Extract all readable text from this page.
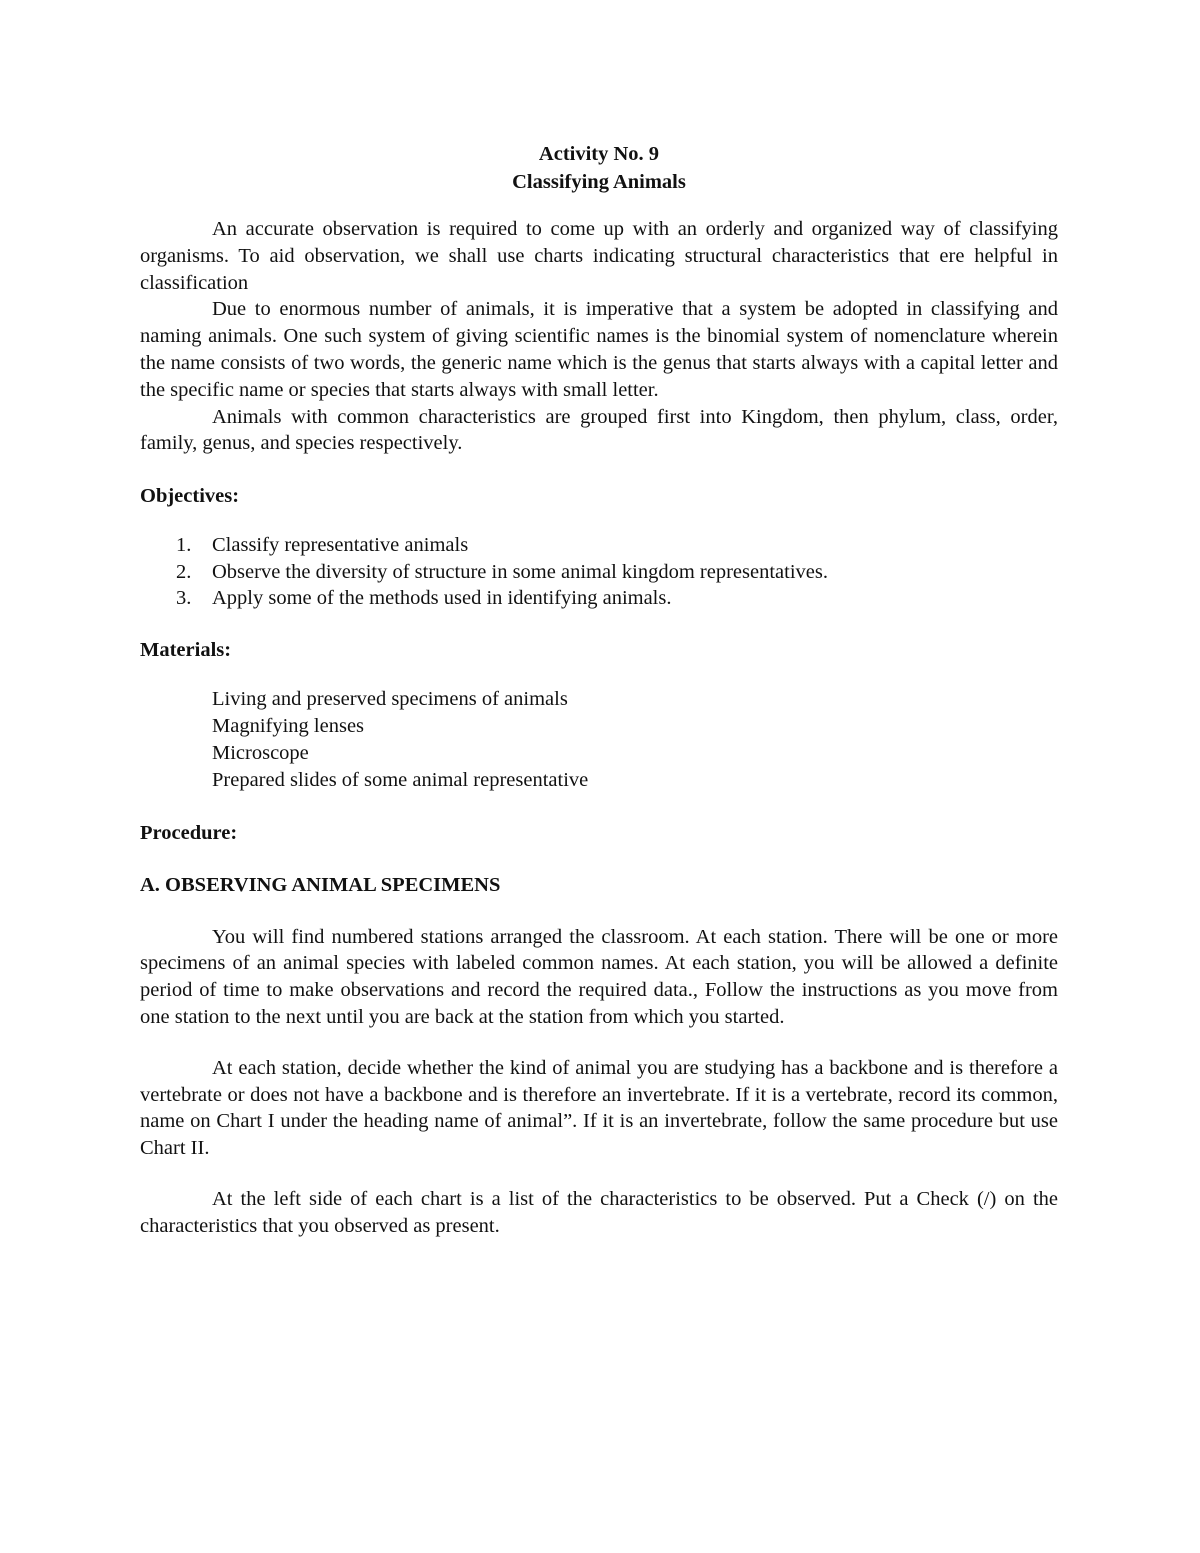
Activity No. 9

Classifying Animals

An accurate observation is required to come up with an orderly and organized way of classifying organisms. To aid observation, we shall use charts indicating structural characteristics that ere helpful in classification

Due to enormous number of animals, it is imperative that a system be adopted in classifying and naming animals. One such system of giving scientific names is the binomial system of nomenclature wherein the name consists of two words, the generic name which is the genus that starts always with a capital letter and the specific name or species that starts always with small letter.

Animals with common characteristics are grouped first into Kingdom, then phylum, class, order, family, genus, and species respectively.

Objectives:

1. Classify representative animals
2. Observe the diversity of structure in some animal kingdom representatives.
3. Apply some of the methods used in identifying animals.

Materials:

Living and preserved specimens of animals
Magnifying lenses
Microscope
Prepared slides of some animal representative

Procedure:

A. OBSERVING ANIMAL SPECIMENS

You will find numbered stations arranged the classroom. At each station. There will be one or more specimens of an animal species with labeled common names. At each station, you will be allowed a definite period of time to make observations and record the required data., Follow the instructions as you move from one station to the next until you are back at the station from which you started.

At each station, decide whether the kind of animal you are studying has a backbone and is therefore a vertebrate or does not have a backbone and is therefore an invertebrate. If it is a vertebrate, record its common, name on Chart I under the heading name of animal”. If it is an invertebrate, follow the same procedure but use Chart II.

At the left side of each chart is a list of the characteristics to be observed. Put a Check (/) on the characteristics that you observed as present.
